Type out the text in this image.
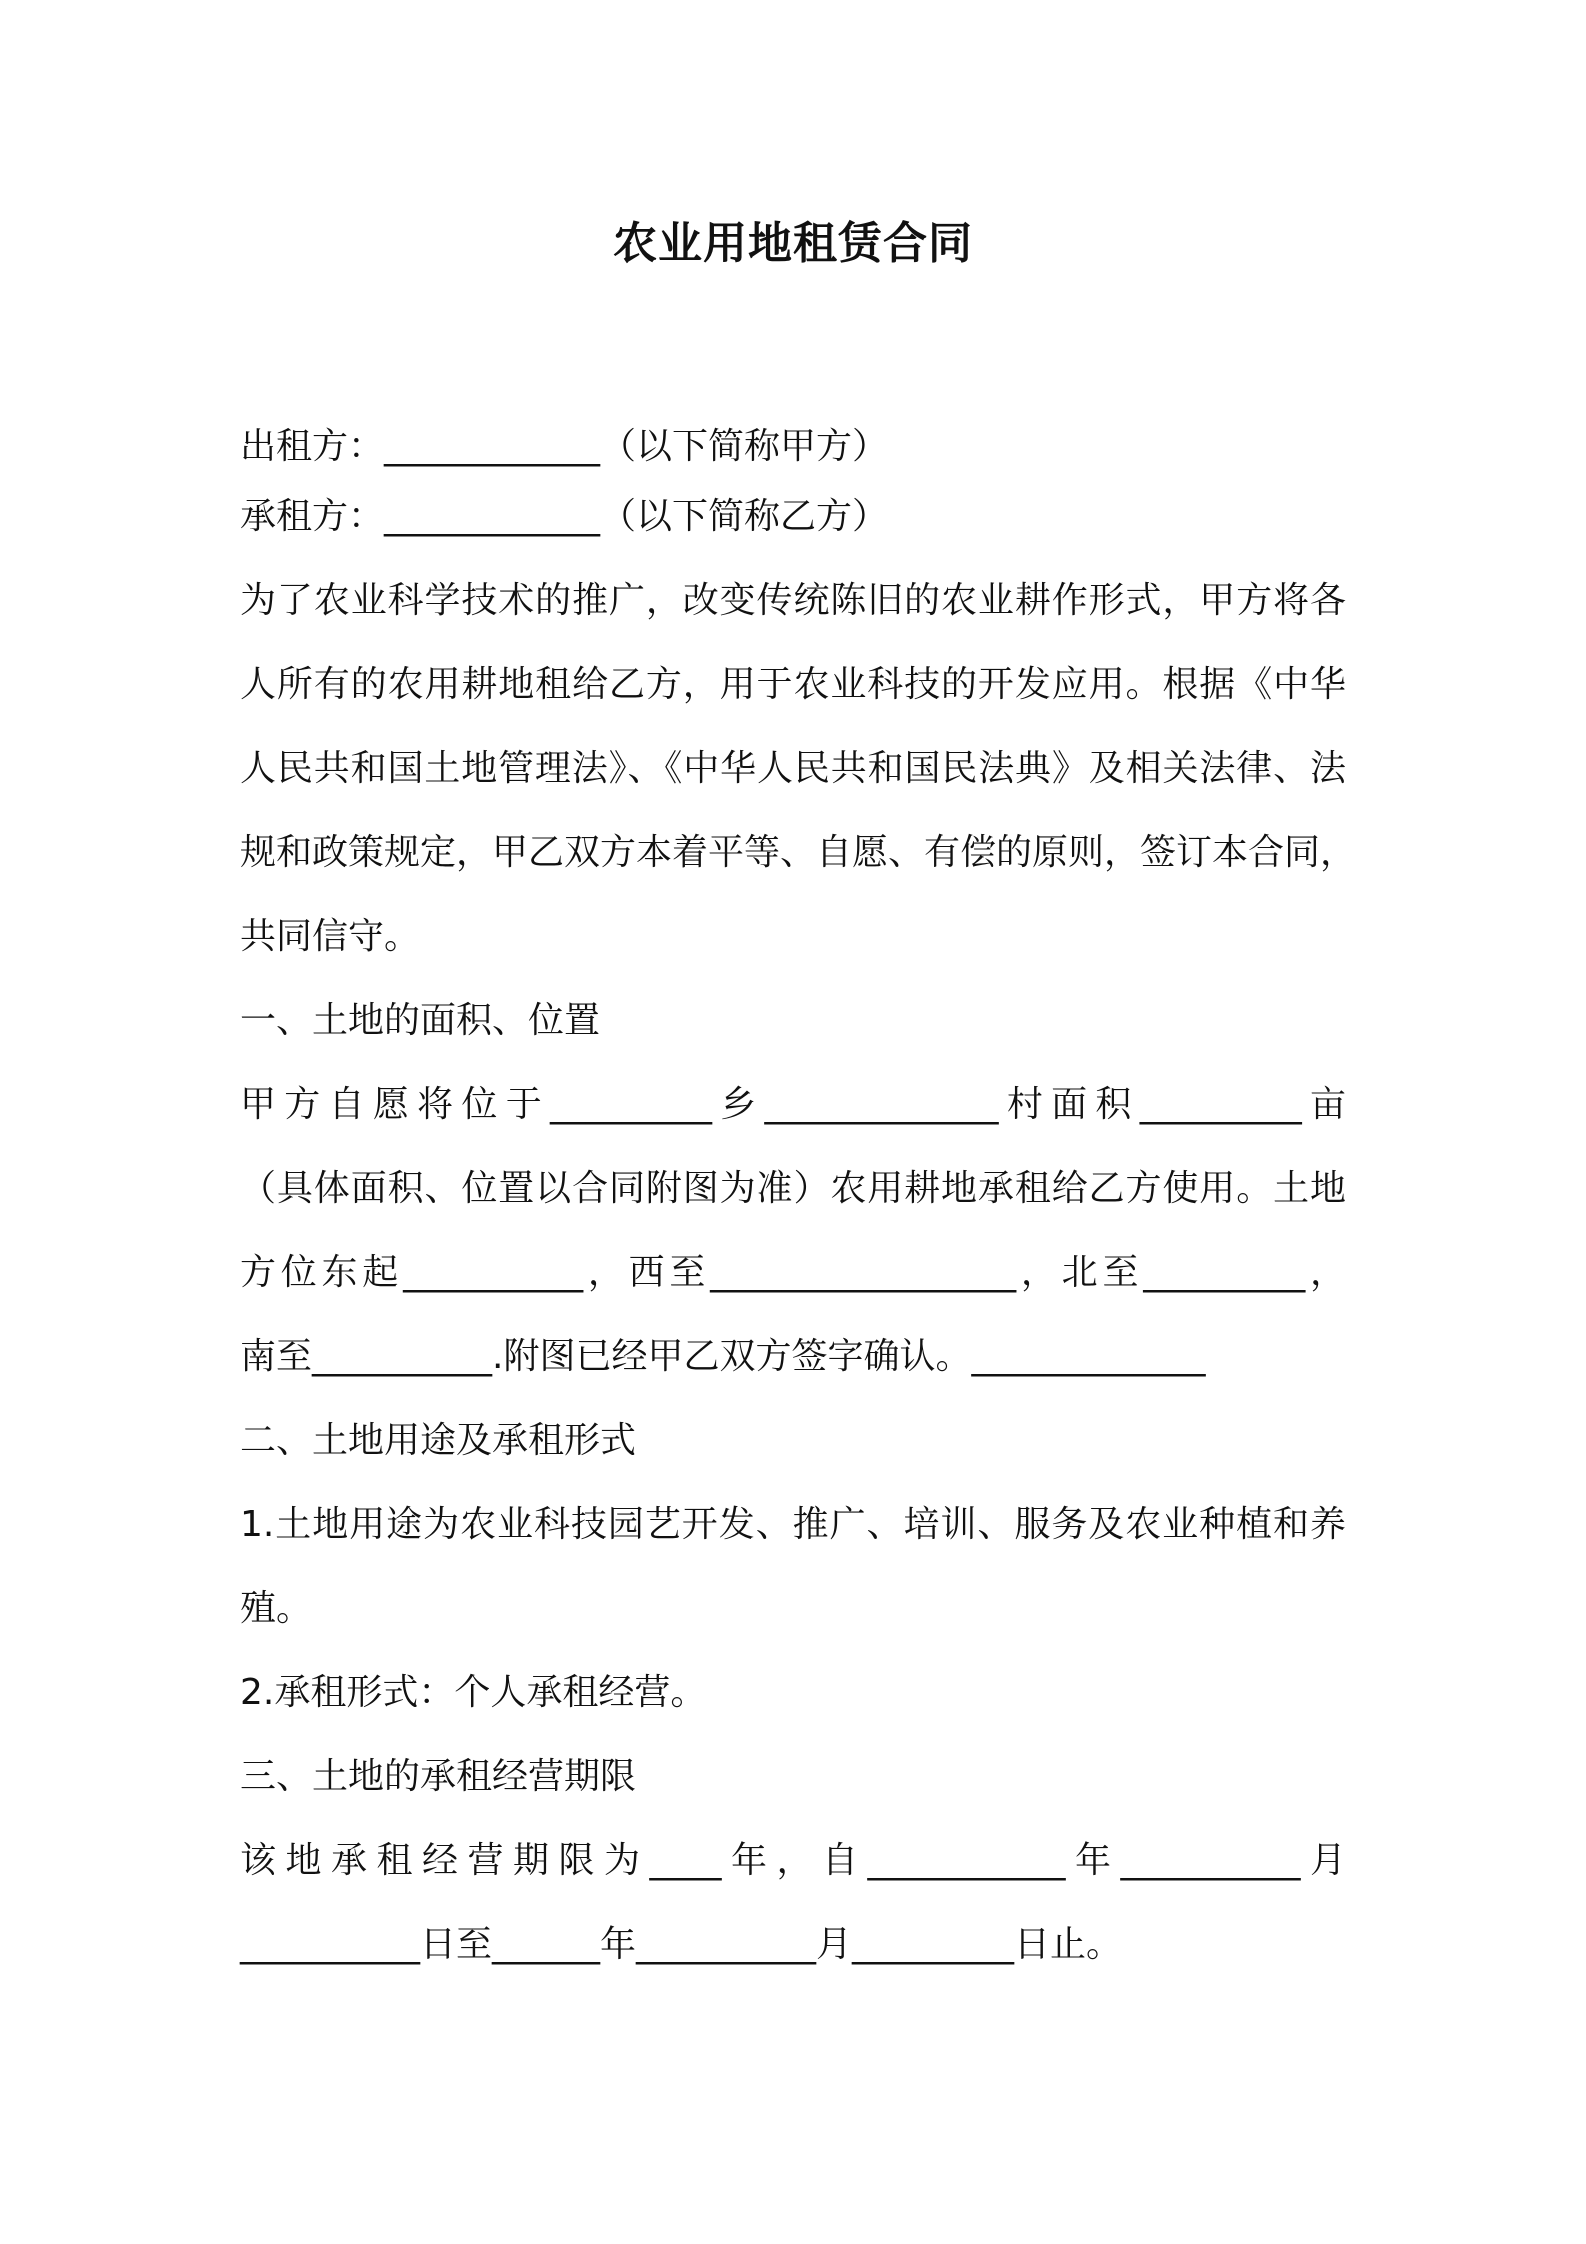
农业用地租赁合同
出租方：____________（以下简称甲方）
承租方：____________（以下简称乙方）
为了农业科学技术的推广，改变传统陈旧的农业耕作形式，甲方将各
人所有的农用耕地租给乙方，用于农业科技的开发应用。根据《中华
人民共和国土地管理法》、《中华人民共和国民法典》及相关法律、法
规和政策规定，甲乙双方本着平等、自愿、有偿的原则，签订本合同，
共同信守。
一、土地的面积、位置
甲方自愿将位于_________乡_____________村面积_________亩
（具体面积、位置以合同附图为准）农用耕地承租给乙方使用。土地
方位东起__________，西至_________________，北至_________，
南至__________.附图已经甲乙双方签字确认。_____________
二、土地用途及承租形式
1.土地用途为农业科技园艺开发、推广、培训、服务及农业种植和养
殖。
2.承租形式：个人承租经营。
三、土地的承租经营期限
该地承租经营期限为____年，自___________年__________月
__________日至______年__________月_________日止。
